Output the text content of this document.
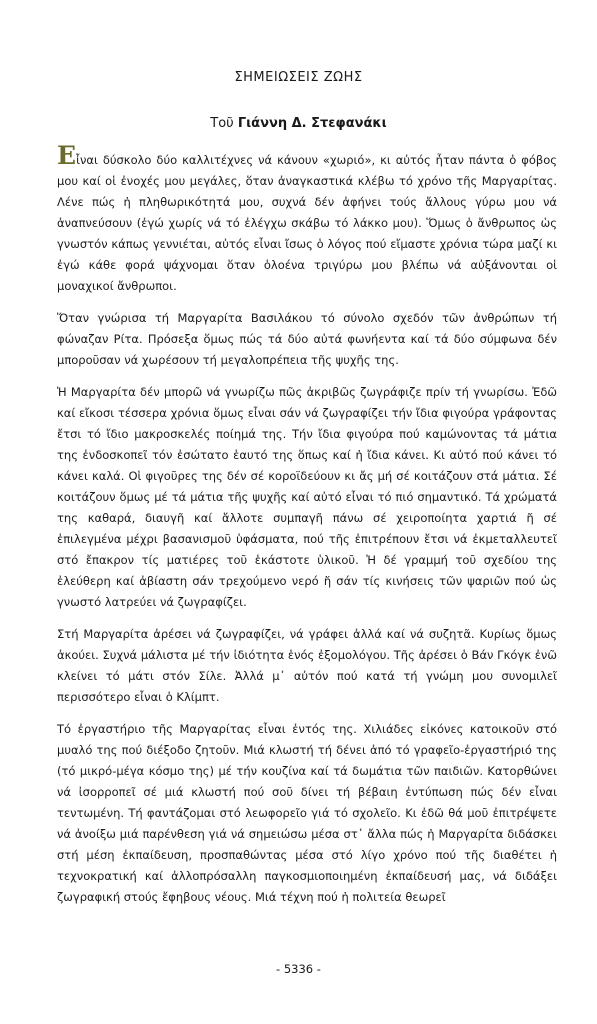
ΣΗΜΕΙΩΣΕΙΣ ΖΩΗΣ
Τοῦ Γιάννη Δ. Στεφανάκι

Εἶναι δύσκολο δύο καλλιτέχνες νά κάνουν «χωριό», κι αὐτός ἦταν πάντα ὁ φόβος μου καί οἱ ἐνοχές μου μεγάλες, ὅταν ἀναγκαστικά κλέβω τό χρόνο τῆς Μαργαρίτας. Λένε πώς ἡ πληθωρικότητά μου, συχνά δέν ἀφήνει τούς ἄλλους γύρω μου νά ἀναπνεύσουν (ἐγώ χωρίς νά τό ἐλέγχω σκάβω τό λάκκο μου). Ὅμως ὁ ἄνθρωπος ὡς γνωστόν κάπως γεννιέται, αὐτός εἶναι ἴσως ὁ λόγος πού εἴμαστε χρόνια τώρα μαζί κι ἐγώ κάθε φορά ψάχνομαι ὅταν ὁλοένα τριγύρω μου βλέπω νά αὐξάνονται οἱ μοναχικοί ἄνθρωποι.

Ὅταν γνώρισα τή Μαργαρίτα Βασιλάκου τό σύνολο σχεδόν τῶν ἀνθρώπων τή φώναζαν Ρίτα. Πρόσεξα ὅμως πώς τά δύο αὐτά φωνήεντα καί τά δύο σύμφωνα δέν μποροῦσαν νά χωρέσουν τή μεγαλοπρέπεια τῆς ψυχῆς της.

Ἡ Μαργαρίτα δέν μπορῶ νά γνωρίζω πῶς ἀκριβῶς ζωγράφιζε πρίν τή γνωρίσω. Ἐδῶ καί εἴκοσι τέσσερα χρόνια ὅμως εἶναι σάν νά ζωγραφίζει τήν ἴδια φιγούρα γράφοντας ἔτσι τό ἴδιο μακροσκελές ποίημά της. Τήν ἴδια φιγούρα πού καμώνοντας τά μάτια της ἐνδοσκοπεῖ τόν ἐσώτατο ἑαυτό της ὅπως καί ἡ ἴδια κάνει. Κι αὐτό πού κάνει τό κάνει καλά. Οἱ φιγοῦρες της δέν σέ κοροϊδεύουν κι ἄς μή σέ κοιτάζουν στά μάτια. Σέ κοιτάζουν ὅμως μέ τά μάτια τῆς ψυχῆς καί αὐτό εἶναι τό πιό σημαντικό. Τά χρώματά της καθαρά, διαυγῆ καί ἄλλοτε συμπαγῆ πάνω σέ χειροποίητα χαρτιά ἤ σέ ἐπιλεγμένα μέχρι βασανισμοῦ ὑφάσματα, πού τῆς ἐπιτρέπουν ἔτσι νά ἐκμεταλλευτεῖ στό ἔπακρον τίς ματιέρες τοῦ ἑκάστοτε ὑλικοῦ. Ἡ δέ γραμμή τοῦ σχεδίου της ἐλεύθερη καί ἀβίαστη σάν τρεχούμενο νερό ἤ σάν τίς κινήσεις τῶν ψαριῶν πού ὡς γνωστό λατρεύει νά ζωγραφίζει.

Στή Μαργαρίτα ἀρέσει νά ζωγραφίζει, νά γράφει ἀλλά καί νά συζητᾶ. Κυρίως ὅμως ἀκούει. Συχνά μάλιστα μέ τήν ἰδιότητα ἑνός ἐξομολόγου. Τῆς ἀρέσει ὁ Βάν Γκόγκ ἐνῶ κλείνει τό μάτι στόν Σίλε. Ἀλλά μ᾿ αὐτόν πού κατά τή γνώμη μου συνομιλεῖ περισσότερο εἶναι ὁ Κλίμπτ.

Τό ἐργαστήριο τῆς Μαργαρίτας εἶναι ἐντός της. Χιλιάδες εἰκόνες κατοικοῦν στό μυαλό της πού διέξοδο ζητοῦν. Μιά κλωστή τή δένει ἀπό τό γραφεῖο-ἐργαστήριό της (τό μικρό-μέγα κόσμο της) μέ τήν κουζίνα καί τά δωμάτια τῶν παιδιῶν. Κατορθώνει νά ἰσορροπεῖ σέ μιά κλωστή πού σοῦ δίνει τή βέβαιη ἐντύπωση πώς δέν εἶναι τεντωμένη. Τή φαντάζομαι στό λεωφορεῖο γιά τό σχολεῖο. Κι ἐδῶ θά μοῦ ἐπιτρέψετε νά ἀνοίξω μιά παρένθεση γιά νά σημειώσω μέσα στ᾿ ἄλλα πώς ἡ Μαργαρίτα διδάσκει στή μέση ἐκπαίδευση, προσπαθώντας μέσα στό λίγο χρόνο πού τῆς διαθέτει ἡ τεχνοκρατική καί ἀλλοπρόσαλλη παγκοσμιοποιημένη ἐκπαίδευσή μας, νά διδάξει ζωγραφική στούς ἔφηβους νέους. Μιά τέχνη πού ἡ πολιτεία θεωρεῖ

- 5336 -
